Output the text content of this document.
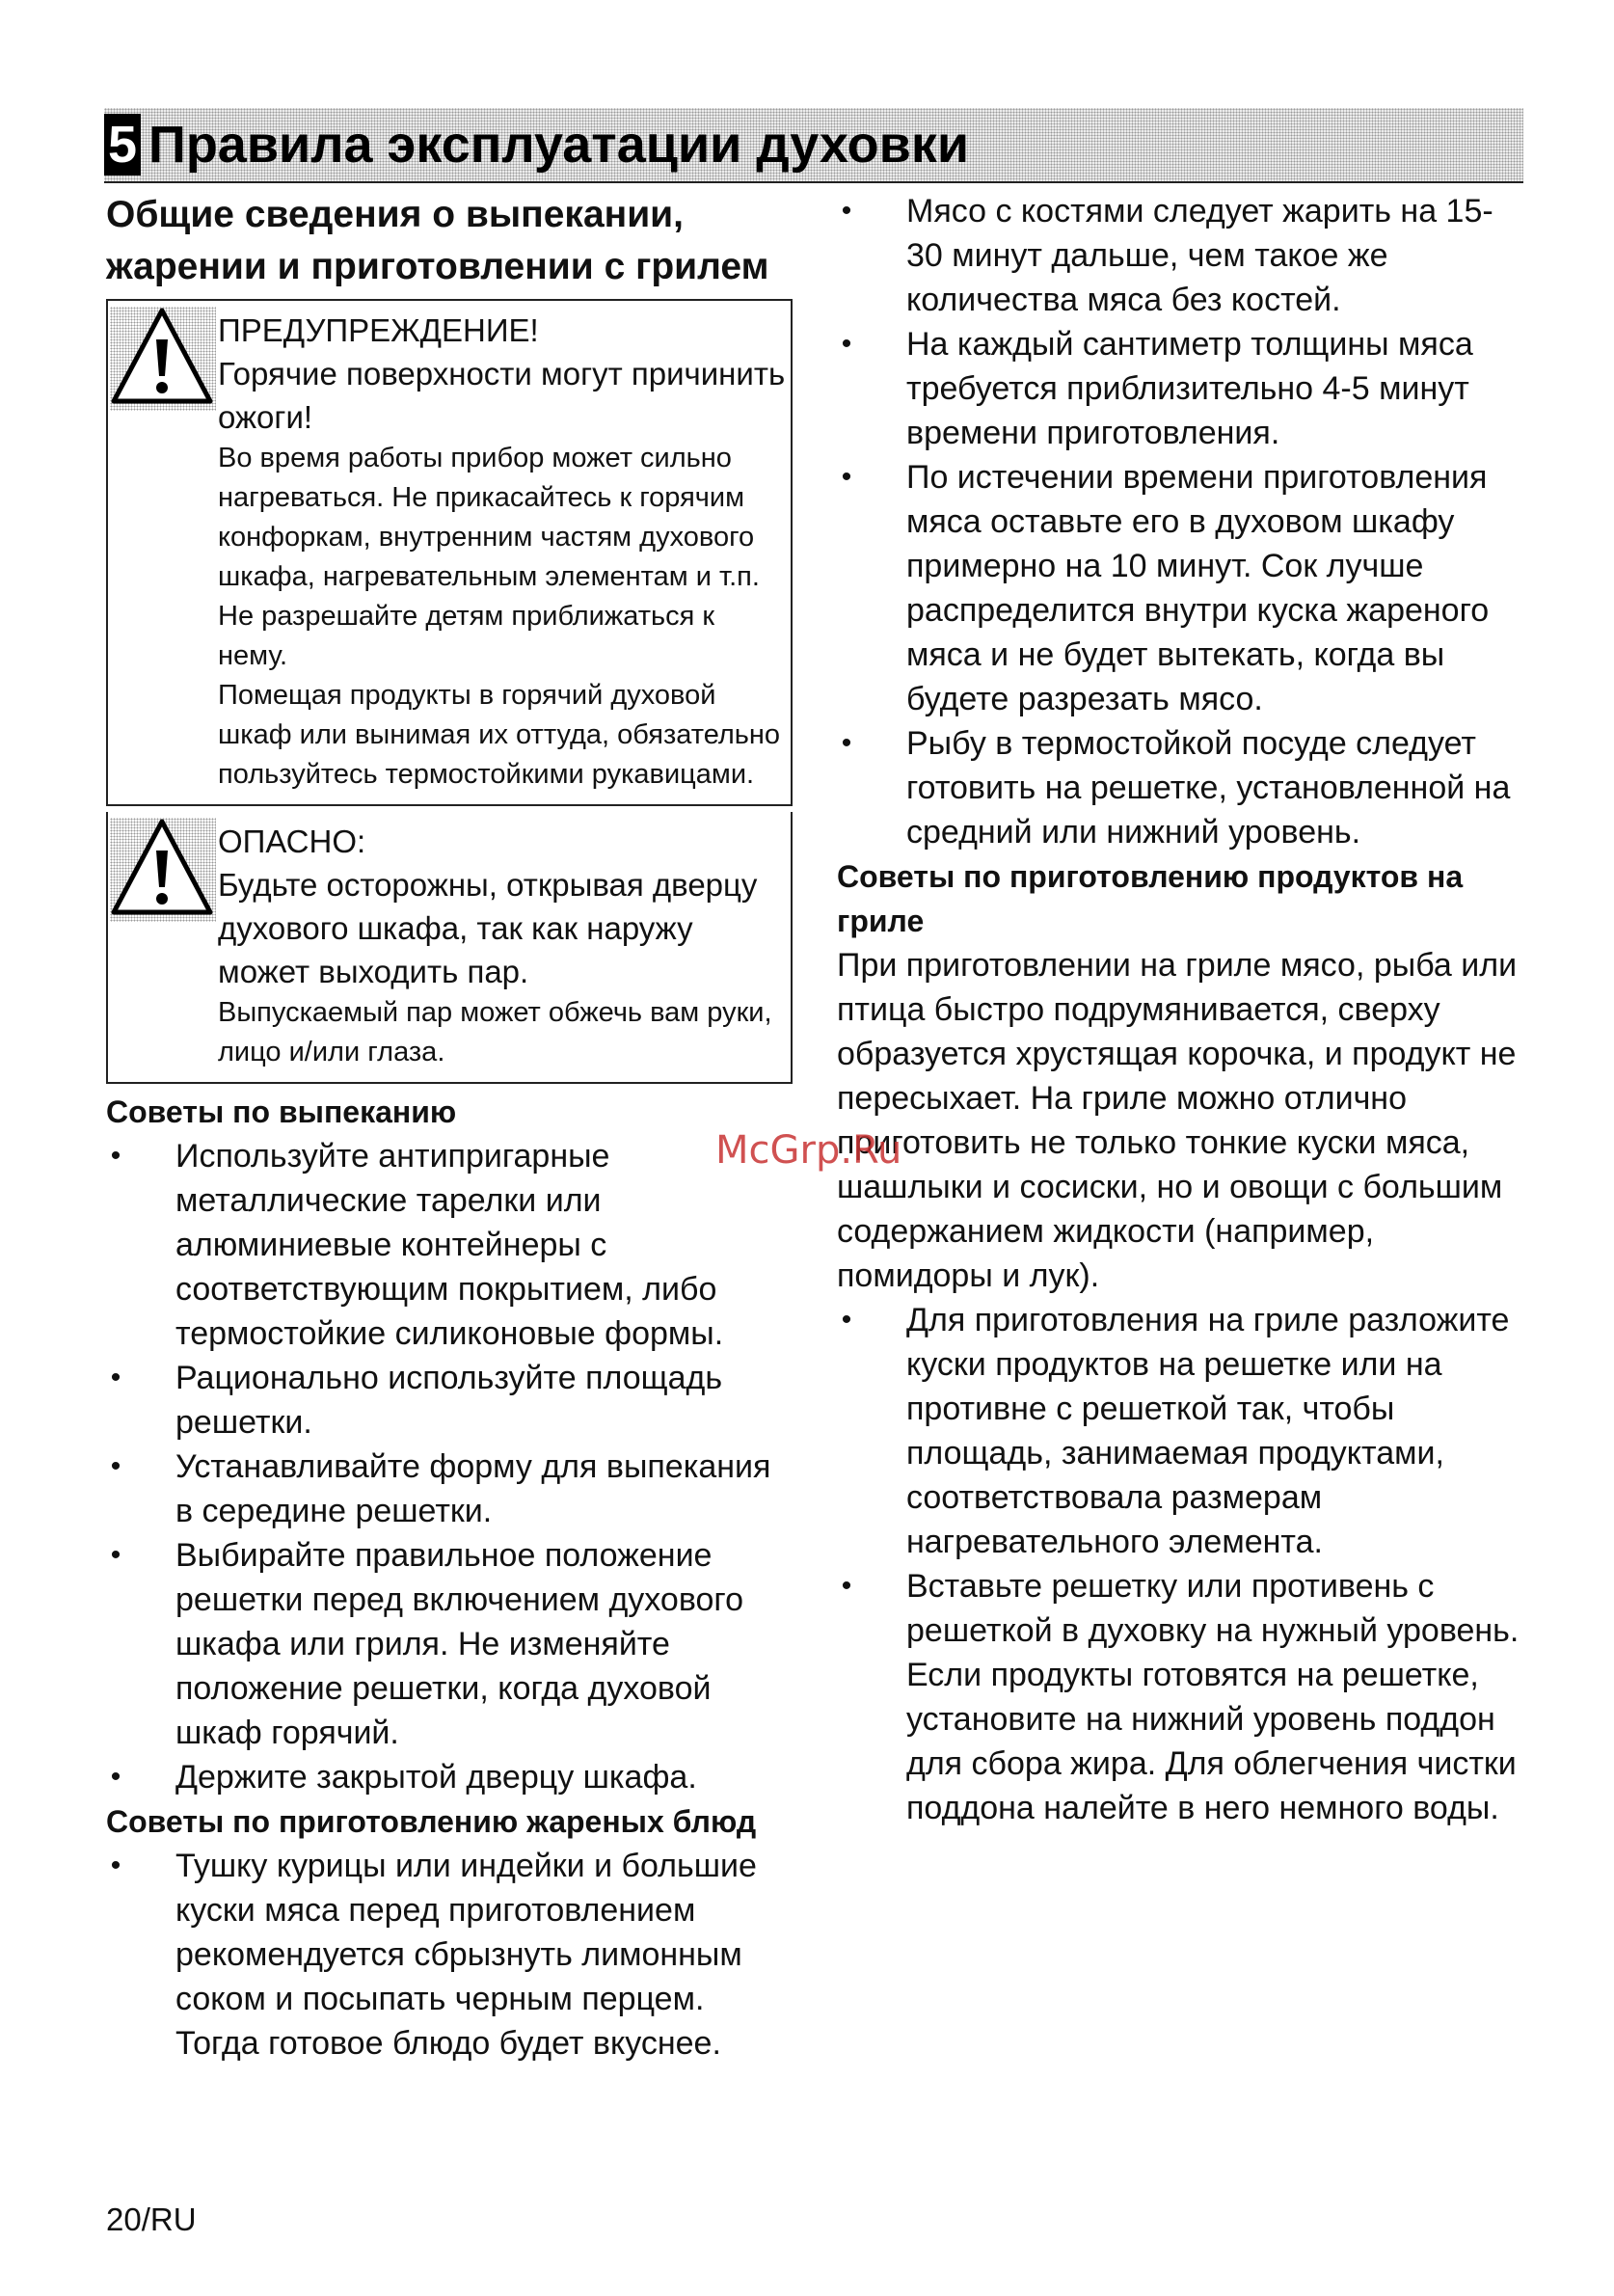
5 Правила эксплуатации духовки

Общие сведения о выпекании,

жарении и приготовлении с грилем

ПРЕДУПРЕЖДЕНИЕ!
Горячие поверхности могут причинить ожоги!
Во время работы прибор может сильно нагреваться. Не прикасайтесь к горячим конфоркам, внутренним частям духового шкафа, нагревательным элементам и т.п. Не разрешайте детям приближаться к нему.
Помещая продукты в горячий духовой шкаф или вынимая их оттуда, обязательно пользуйтесь термостойкими рукавицами.
ОПАСНО:
Будьте осторожны, открывая дверцу духового шкафа, так как наружу может выходить пар.
Выпускаемый пар может обжечь вам руки, лицо и/или глаза.

Советы по выпеканию

• Используйте антипригарные металлические тарелки или алюминиевые контейнеры с соответствующим покрытием, либо термостойкие силиконовые формы.
• Рационально используйте площадь решетки.
• Устанавливайте форму для выпекания в середине решетки.
• Выбирайте правильное положение решетки перед включением духового шкафа или гриля. Не изменяйте положение решетки, когда духовой шкаф горячий.
• Держите закрытой дверцу шкафа.

Советы по приготовлению жареных блюд

• Тушку курицы или индейки и большие куски мяса перед приготовлением рекомендуется сбрызнуть лимонным соком и посыпать черным перцем. Тогда готовое блюдо будет вкуснее.
• Мясо с костями следует жарить на 15-30 минут дальше, чем такое же количества мяса без костей.
• На каждый сантиметр толщины мяса требуется приблизительно 4-5 минут времени приготовления.
• По истечении времени приготовления мяса оставьте его в духовом шкафу примерно на 10 минут. Сок лучше распределится внутри куска жареного мяса и не будет вытекать, когда вы будете разрезать мясо.
• Рыбу в термостойкой посуде следует готовить на решетке, установленной на средний или нижний уровень.

Советы по приготовлению продуктов на гриле

При приготовлении на гриле мясо, рыба или птица быстро подрумянивается, сверху образуется хрустящая корочка, и продукт не пересыхает. На гриле можно отлично приготовить не только тонкие куски мяса, шашлыки и сосиски, но и овощи с большим содержанием жидкости (например, помидоры и лук).

• Для приготовления на гриле разложите куски продуктов на решетке или на противне с решеткой так, чтобы площадь, занимаемая продуктами, соответствовала размерам нагревательного элемента.
• Вставьте решетку или противень с решеткой в духовку на нужный уровень. Если продукты готовятся на решетке, установите на нижний уровень поддон для сбора жира. Для облегчения чистки поддона налейте в него немного воды.
McGrp.Ru
20/RU
